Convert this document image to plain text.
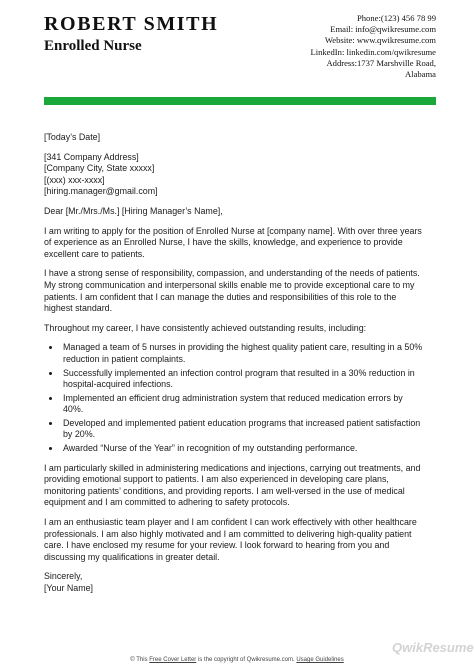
ROBERT SMITH
Enrolled Nurse
Phone:(123) 456 78 99
Email: info@qwikresume.com
Website: www.qwikresume.com
LinkedIn: linkedin.com/qwikresume
Address:1737 Marshville Road,
Alabama
[Today’s Date]
[341 Company Address]
[Company City, State xxxxx]
[(xxx) xxx-xxxx]
[hiring.manager@gmail.com]

Dear [Mr./Mrs./Ms.] [Hiring Manager’s Name],

I am writing to apply for the position of Enrolled Nurse at [company name]. With over three years of experience as an Enrolled Nurse, I have the skills, knowledge, and experience to provide excellent care to patients.

I have a strong sense of responsibility, compassion, and understanding of the needs of patients. My strong communication and interpersonal skills enable me to provide exceptional care to my patients. I am confident that I can manage the duties and responsibilities of this role to the highest standard.

Throughout my career, I have consistently achieved outstanding results, including:

• Managed a team of 5 nurses in providing the highest quality patient care, resulting in a 50% reduction in patient complaints.
• Successfully implemented an infection control program that resulted in a 30% reduction in hospital-acquired infections.
• Implemented an efficient drug administration system that reduced medication errors by 40%.
• Developed and implemented patient education programs that increased patient satisfaction by 20%.
• Awarded “Nurse of the Year” in recognition of my outstanding performance.

I am particularly skilled in administering medications and injections, carrying out treatments, and providing emotional support to patients. I am also experienced in developing care plans, monitoring patients’ conditions, and providing reports. I am well-versed in the use of medical equipment and I am committed to adhering to safety protocols.

I am an enthusiastic team player and I am confident I can work effectively with other healthcare professionals. I am also highly motivated and I am committed to delivering high-quality patient care. I have enclosed my resume for your review. I look forward to hearing from you and discussing my qualifications in greater detail.

Sincerely,
[Your Name]
QwikResume
© This Free Cover Letter is the copyright of Qwikresume.com. Usage Guidelines
